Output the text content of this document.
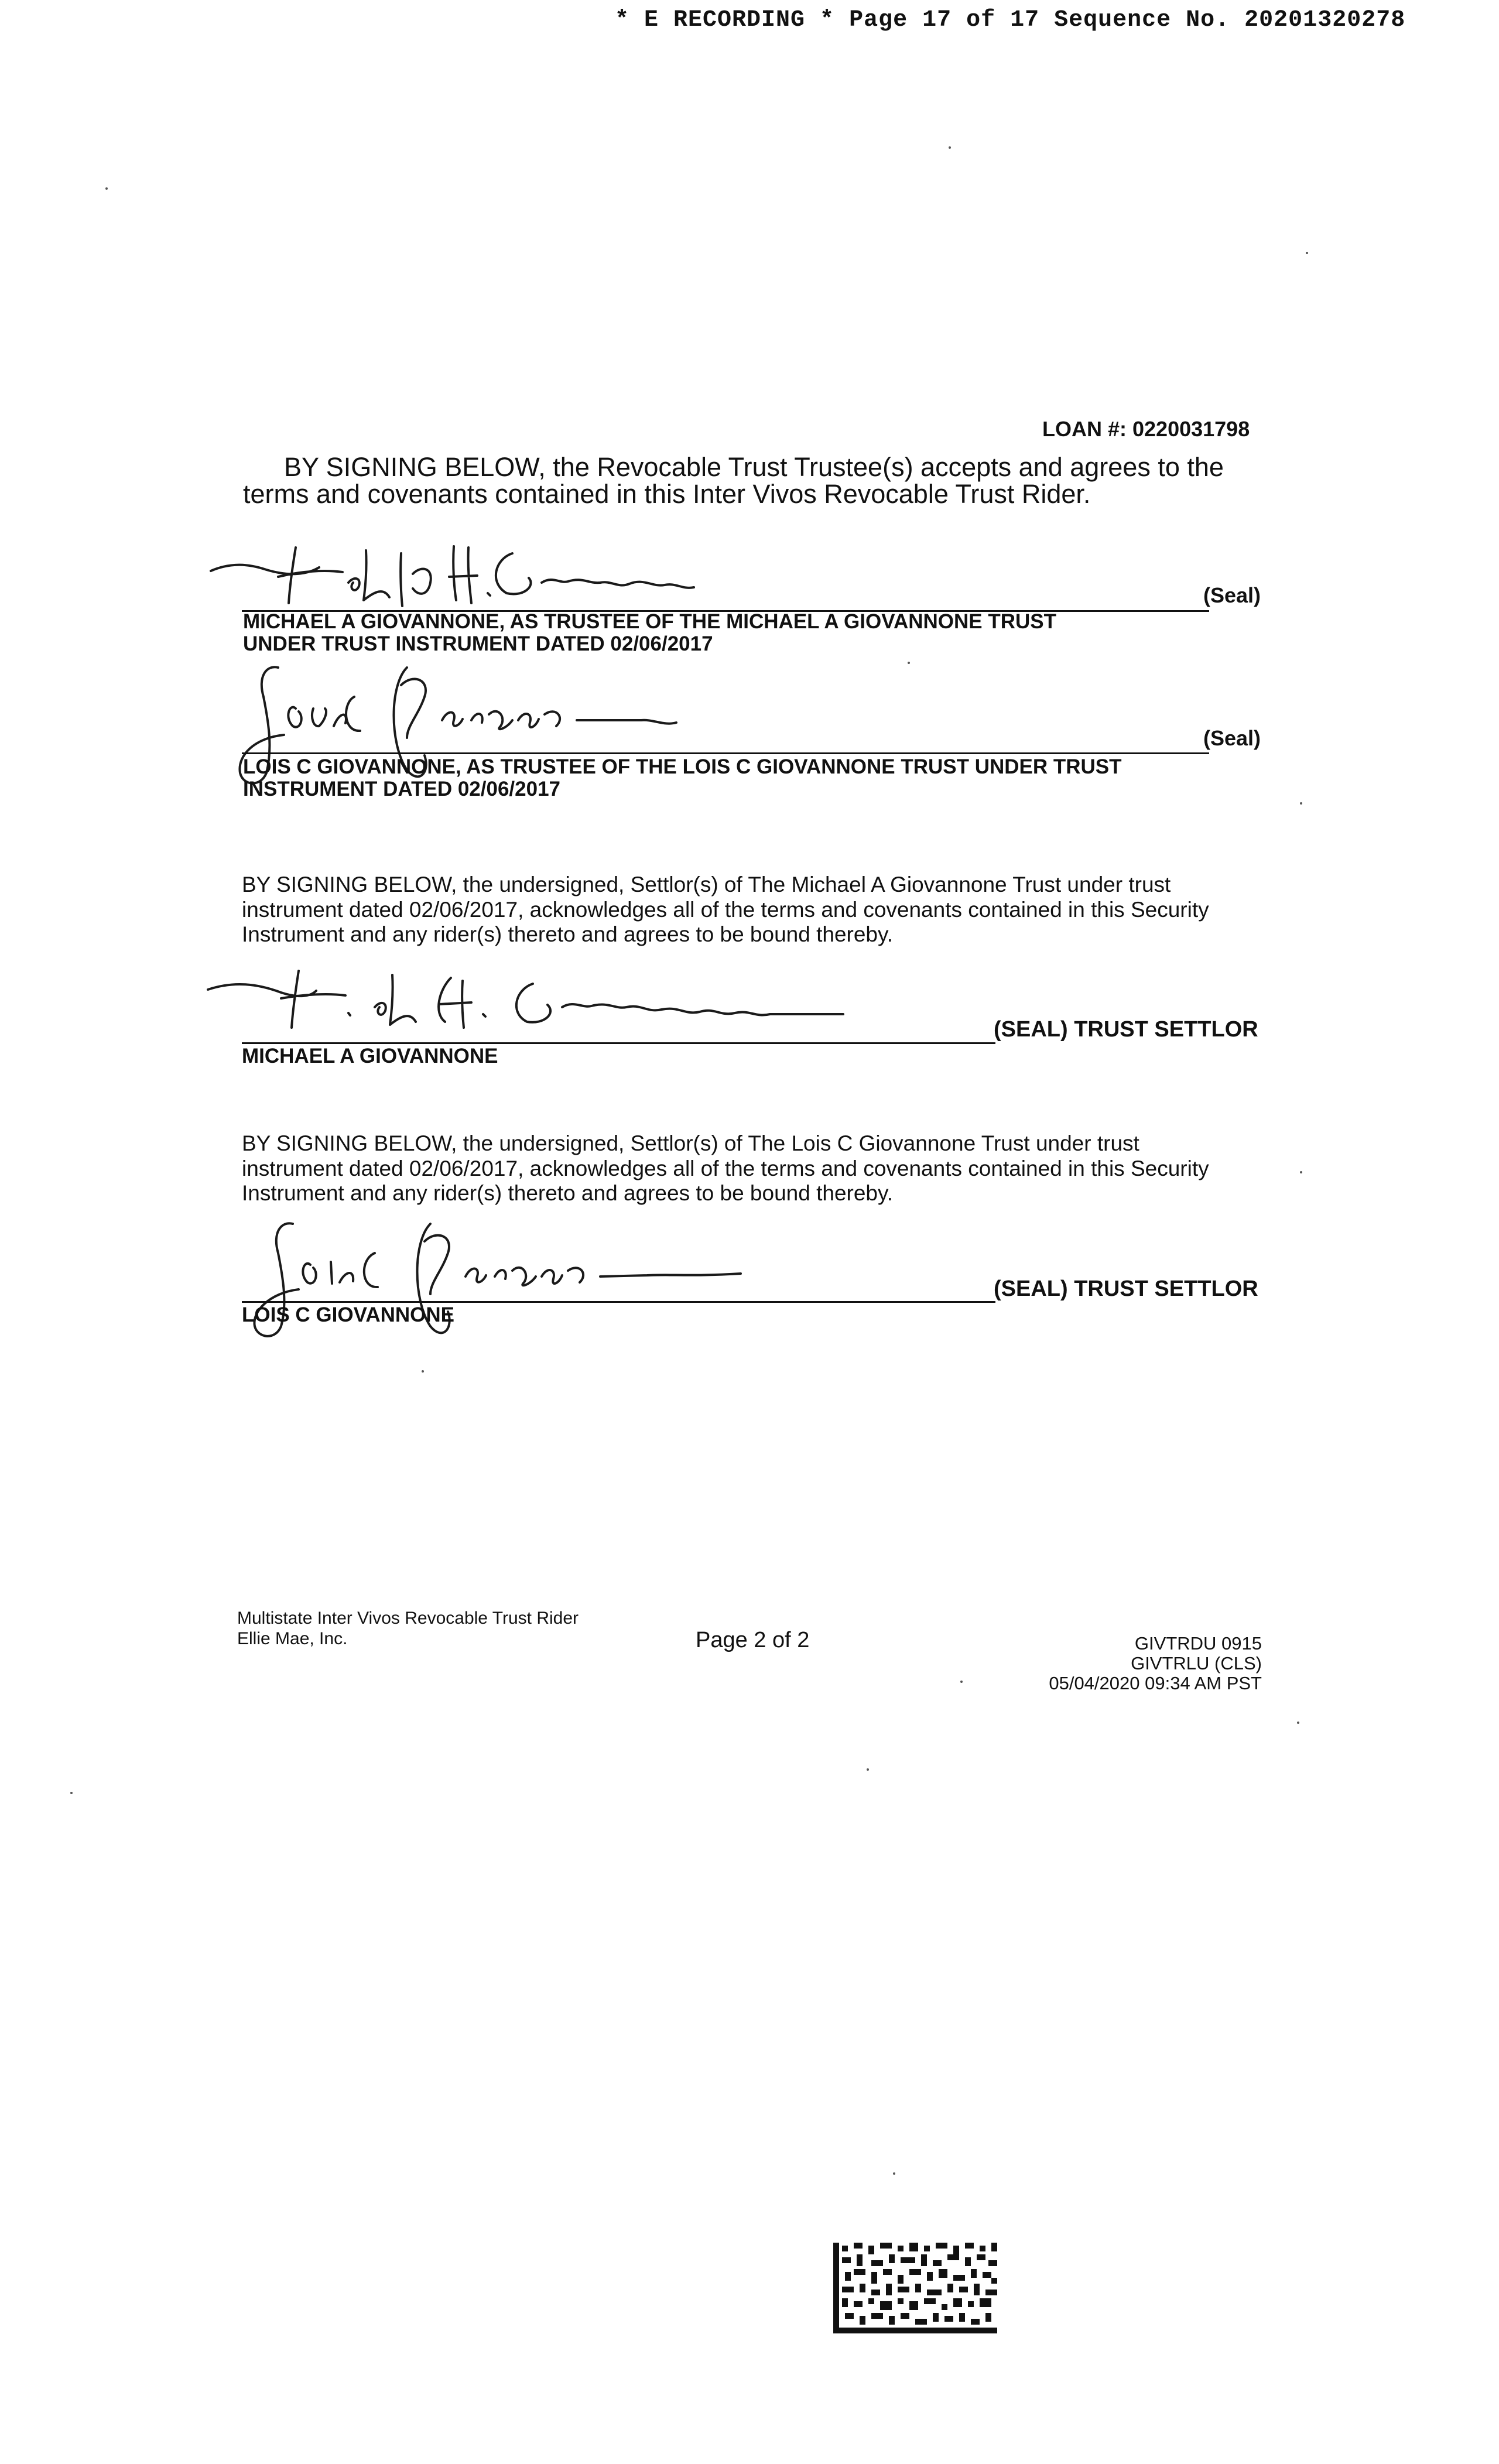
* E RECORDING * Page 17 of 17 Sequence No. 20201320278
LOAN #: 0220031798
BY SIGNING BELOW, the Revocable Trust Trustee(s) accepts and agrees to the
terms and covenants contained in this Inter Vivos Revocable Trust Rider.
(Seal)
MICHAEL A GIOVANNONE, AS TRUSTEE OF THE MICHAEL A GIOVANNONE TRUST
UNDER TRUST INSTRUMENT DATED 02/06/2017
(Seal)
LOIS C GIOVANNONE, AS TRUSTEE OF THE LOIS C GIOVANNONE TRUST UNDER TRUST
INSTRUMENT DATED 02/06/2017
BY SIGNING BELOW, the undersigned, Settlor(s) of The Michael A Giovannone Trust under trust
instrument dated 02/06/2017, acknowledges all of the terms and covenants contained in this Security
Instrument and any rider(s) thereto and agrees to be bound thereby.
(SEAL) TRUST SETTLOR
MICHAEL A GIOVANNONE
BY SIGNING BELOW, the undersigned, Settlor(s) of The Lois C Giovannone Trust under trust
instrument dated 02/06/2017, acknowledges all of the terms and covenants contained in this Security
Instrument and any rider(s) thereto and agrees to be bound thereby.
(SEAL) TRUST SETTLOR
LOIS C GIOVANNONE
Multistate Inter Vivos Revocable Trust Rider
Ellie Mae, Inc.	Page 2 of 2	GIVTRDU 0915
GIVTRLU (CLS)
05/04/2020 09:34 AM PST
